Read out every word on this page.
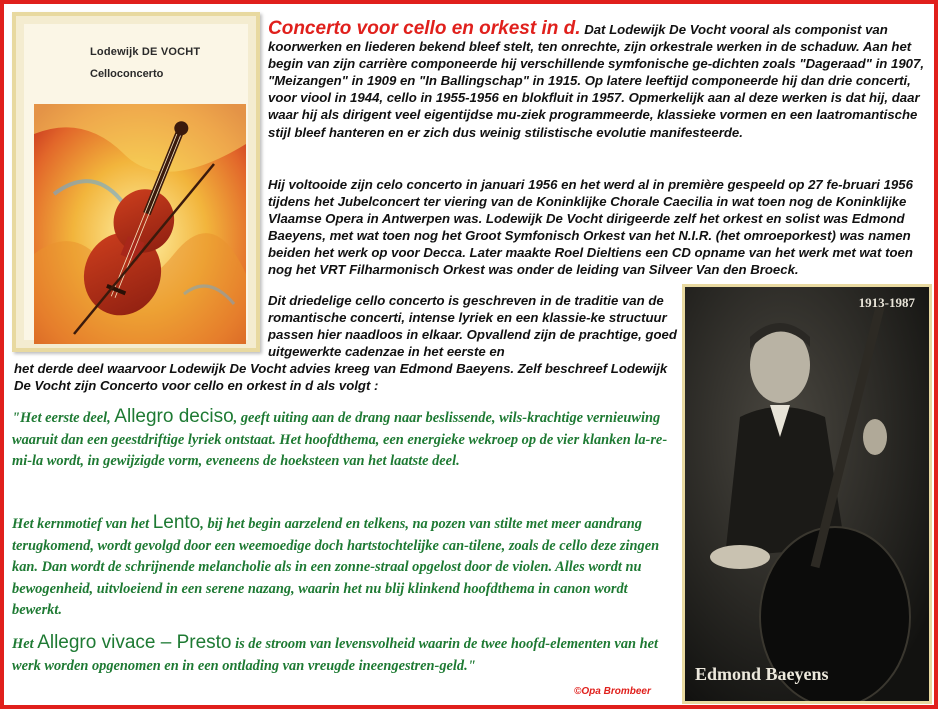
Lodewijk DE VOCHT
Celloconcerto

Concerto voor cello en orkest in d. Dat Lodewijk De Vocht vooral als componist van koorwerken en liederen bekend bleef stelt, ten onrechte, zijn orkestrale werken in de schaduw. Aan het begin van zijn carrière componeerde hij verschillende symfonische ge-dichten zoals "Dageraad" in 1907, "Meizangen" in 1909 en "In Ballingschap" in 1915. Op latere leeftijd componeerde hij dan drie concerti, voor viool in 1944, cello in 1955-1956 en blokfluit in 1957. Opmerkelijk aan al deze werken is dat hij, daar waar hij als dirigent veel eigentijdse mu-ziek programmeerde, klassieke vormen en een laatromantische stijl bleef hanteren en er zich dus weinig stilistische evolutie manifesteerde.

Hij voltooide zijn celo concerto in januari 1956 en het werd al in première gespeeld op 27 fe-bruari 1956 tijdens het Jubelconcert ter viering van de Koninklijke Chorale Caecilia in wat toen nog de Koninklijke Vlaamse Opera in Antwerpen was. Lodewijk De Vocht dirigeerde zelf het orkest en solist was Edmond Baeyens, met wat toen nog het Groot Symfonisch Orkest van het N.I.R. (het omroeporkest) was namen beiden het werk op voor Decca. Later maakte Roel Dieltiens een CD opname van het werk met wat toen nog het VRT Filharmonisch Orkest was onder de leiding van Silveer Van den Broeck.

Dit driedelige cello concerto is geschreven in de traditie van de romantische concerti, intense lyriek en een klassie-ke structuur passen hier naadloos in elkaar. Opvallend zijn de prachtige, goed uitgewerkte cadenzae in het eerste en

het derde deel waarvoor Lodewijk De Vocht advies kreeg van Edmond Baeyens. Zelf beschreef Lodewijk De Vocht zijn Concerto voor cello en orkest in d als volgt :

"Het eerste deel, Allegro deciso, geeft uiting aan de drang naar beslissende, wils-krachtige vernieuwing waaruit dan een geestdriftige lyriek ontstaat. Het hoofdthema, een energieke wekroep op de vier klanken la-re-mi-la wordt, in gewijzigde vorm, eveneens de hoeksteen van het laatste deel.
Het kernmotief van het Lento, bij het begin aarzelend en telkens, na pozen van stilte met meer aandrang terugkomend, wordt gevolgd door een weemoedige doch hartstochtelijke can-tilene, zoals de cello deze zingen kan. Dan wordt de schrijnende melancholie als in een zonne-straal opgelost door de violen. Alles wordt nu bewogenheid, uitvloeiend in een serene nazang, waarin het nu blij klinkend hoofdthema in canon wordt bewerkt.
Het Allegro vivace – Presto is de stroom van levensvolheid waarin de twee hoofd-elementen van het werk worden opgenomen en in een ontlading van vreugde ineengestren-geld."
©Opa Brombeer
1913-1987
Edmond Baeyens
